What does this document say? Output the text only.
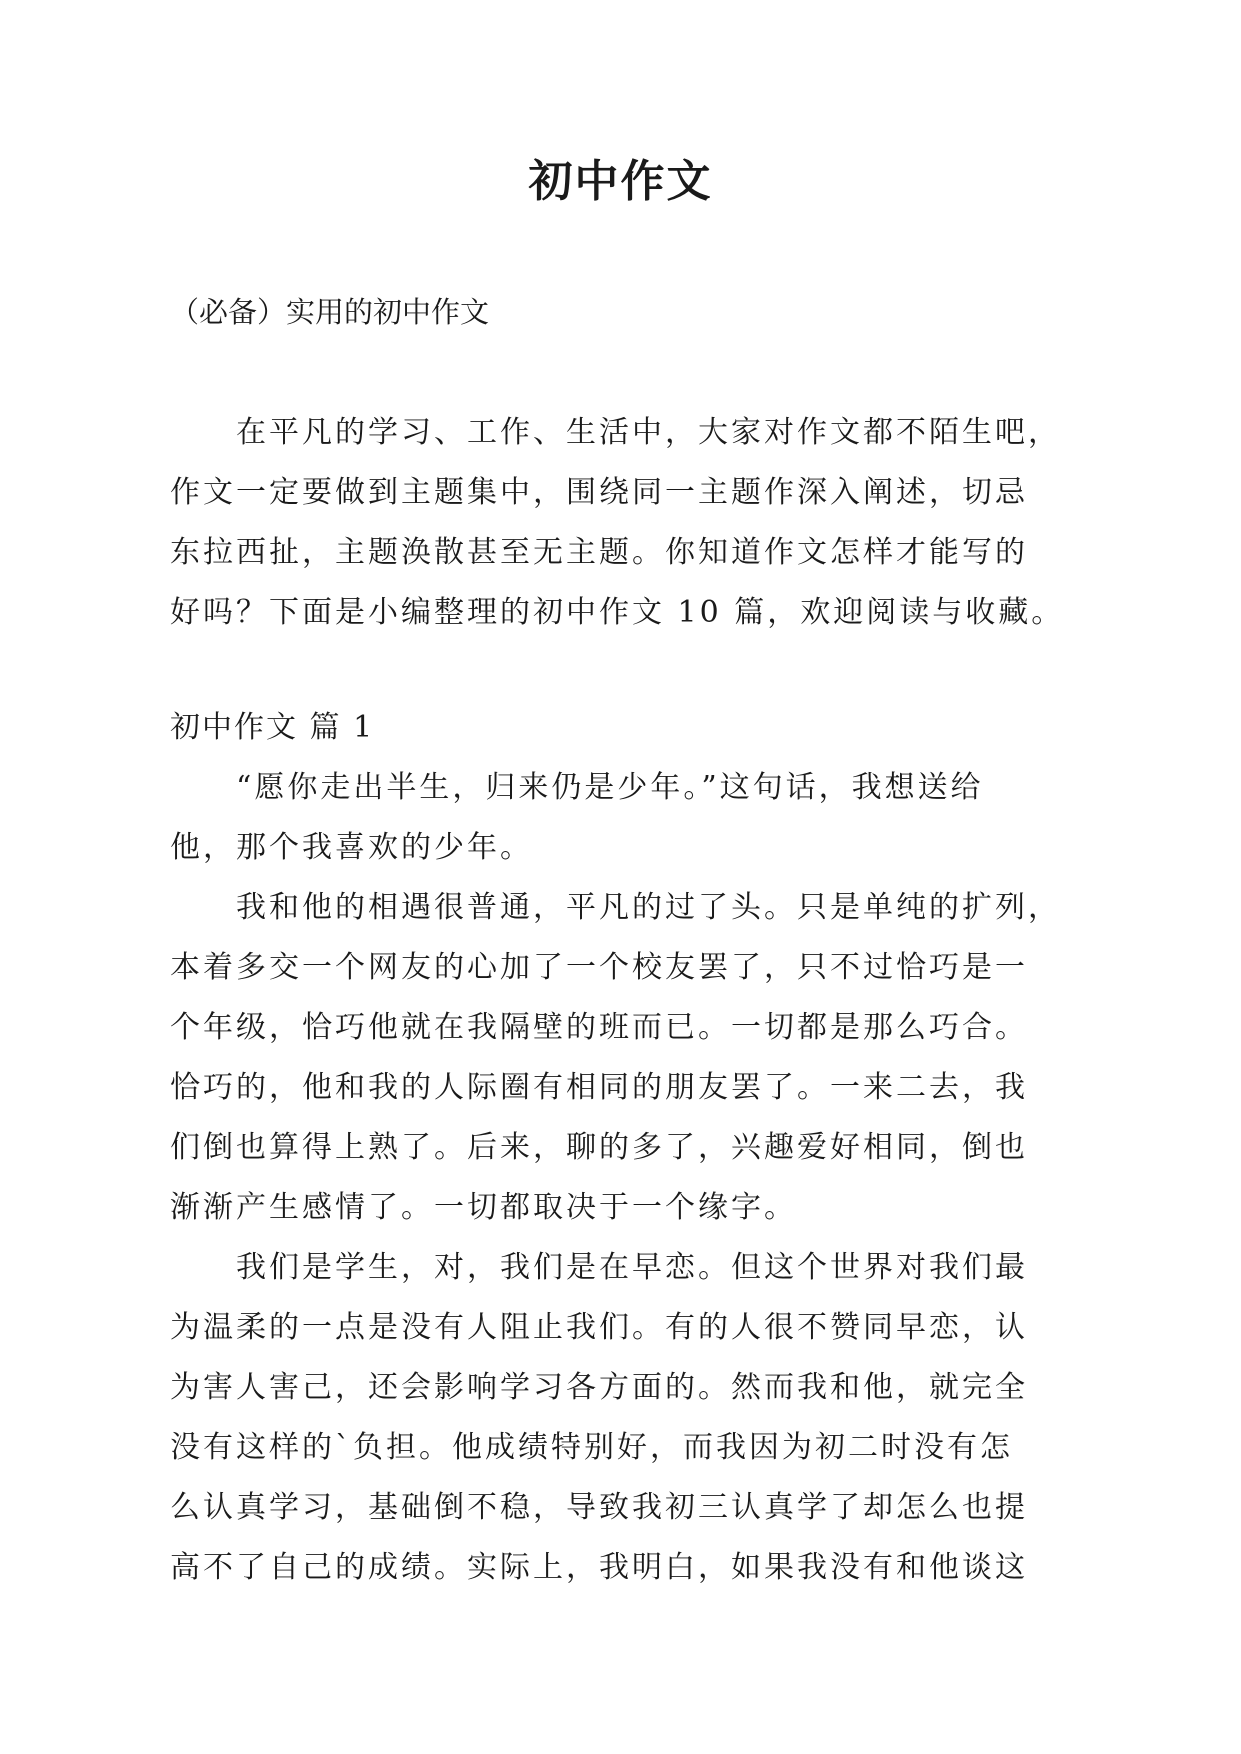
初中作文
（必备）实用的初中作文
　　在平凡的学习、工作、生活中，大家对作文都不陌生吧，
作文一定要做到主题集中，围绕同一主题作深入阐述，切忌
东拉西扯，主题涣散甚至无主题。你知道作文怎样才能写的
好吗？下面是小编整理的初中作文 10 篇，欢迎阅读与收藏。
初中作文 篇 1
　　“愿你走出半生，归来仍是少年。”这句话，我想送给
他，那个我喜欢的少年。
　　我和他的相遇很普通，平凡的过了头。只是单纯的扩列，
本着多交一个网友的心加了一个校友罢了，只不过恰巧是一
个年级，恰巧他就在我隔壁的班而已。一切都是那么巧合。
恰巧的，他和我的人际圈有相同的朋友罢了。一来二去，我
们倒也算得上熟了。后来，聊的多了，兴趣爱好相同，倒也
渐渐产生感情了。一切都取决于一个缘字。
　　我们是学生，对，我们是在早恋。但这个世界对我们最
为温柔的一点是没有人阻止我们。有的人很不赞同早恋，认
为害人害己，还会影响学习各方面的。然而我和他，就完全
没有这样的`负担。他成绩特别好，而我因为初二时没有怎
么认真学习，基础倒不稳，导致我初三认真学了却怎么也提
高不了自己的成绩。实际上，我明白，如果我没有和他谈这
